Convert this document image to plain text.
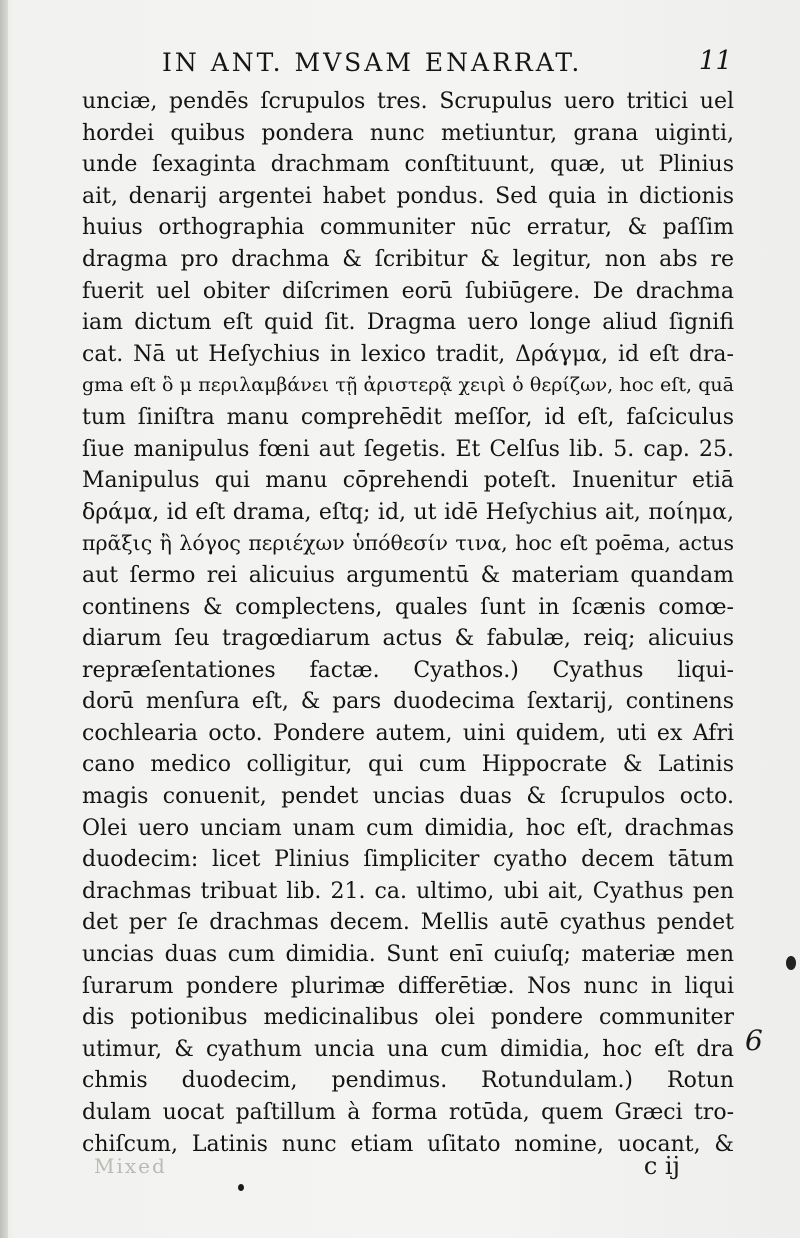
IN ANT. MVSAM ENARRAT.	11
unciæ, pendēs ſcrupulos tres. Scrupulus uero tritici uel
hordei quibus pondera nunc metiuntur, grana uiginti,
unde ſexaginta drachmam conſtituunt, quæ, ut Plinius
ait, denarij argentei habet pondus. Sed quia in dictionis
huius orthographia communiter nūc erratur, & paſſim
dragma pro drachma & ſcribitur & legitur, non abs re
fuerit uel obiter diſcrimen eorū ſubiūgere. De drachma
iam dictum eſt quid ſit. Dragma uero longe aliud ſignifi
cat. Nā ut Heſychius in lexico tradit, Δράγμα, id eſt dra-
gma eſt ὃ μ περιλαμβάνει τῇ ἀριστερᾷ χειρὶ ὁ θερίζων, hoc eſt, quā
tum ſiniſtra manu comprehēdit meſſor, id eſt, faſciculus
ſiue manipulus fœni aut ſegetis. Et Celſus lib. 5. cap. 25.
Manipulus qui manu cōprehendi poteſt. Inuenitur etiā
δράμα, id eſt drama, eſtq; id, ut idē Heſychius ait, ποίημα,
πρᾶξις ἢ λόγος περιέχων ὑπόθεσίν τινα, hoc eſt poēma, actus
aut ſermo rei alicuius argumentū & materiam quandam
continens & complectens, quales ſunt in ſcænis comœ-
diarum ſeu tragœdiarum actus & fabulæ, reiq; alicuius
repræſentationes factæ. Cyathos.) Cyathus liqui-
dorū menſura eſt, & pars duodecima ſextarij, continens
cochlearia octo. Pondere autem, uini quidem, uti ex Afri
cano medico colligitur, qui cum Hippocrate & Latinis
magis conuenit, pendet uncias duas & ſcrupulos octo.
Olei uero unciam unam cum dimidia, hoc eſt, drachmas
duodecim: licet Plinius ſimpliciter cyatho decem tātum
drachmas tribuat lib. 21. ca. ultimo, ubi ait, Cyathus pen
det per ſe drachmas decem. Mellis autē cyathus pendet
uncias duas cum dimidia. Sunt enī cuiuſq; materiæ men
ſurarum pondere plurimæ differētiæ. Nos nunc in liqui
dis potionibus medicinalibus olei pondere communiter
utimur, & cyathum uncia una cum dimidia, hoc eſt dra
chmis duodecim, pendimus. Rotundulam.) Rotun
dulam uocat paſtillum à forma rotūda, quem Græci tro-
chiſcum, Latinis nunc etiam uſitato nomine, uocant, &
6
Mixed	c ij
